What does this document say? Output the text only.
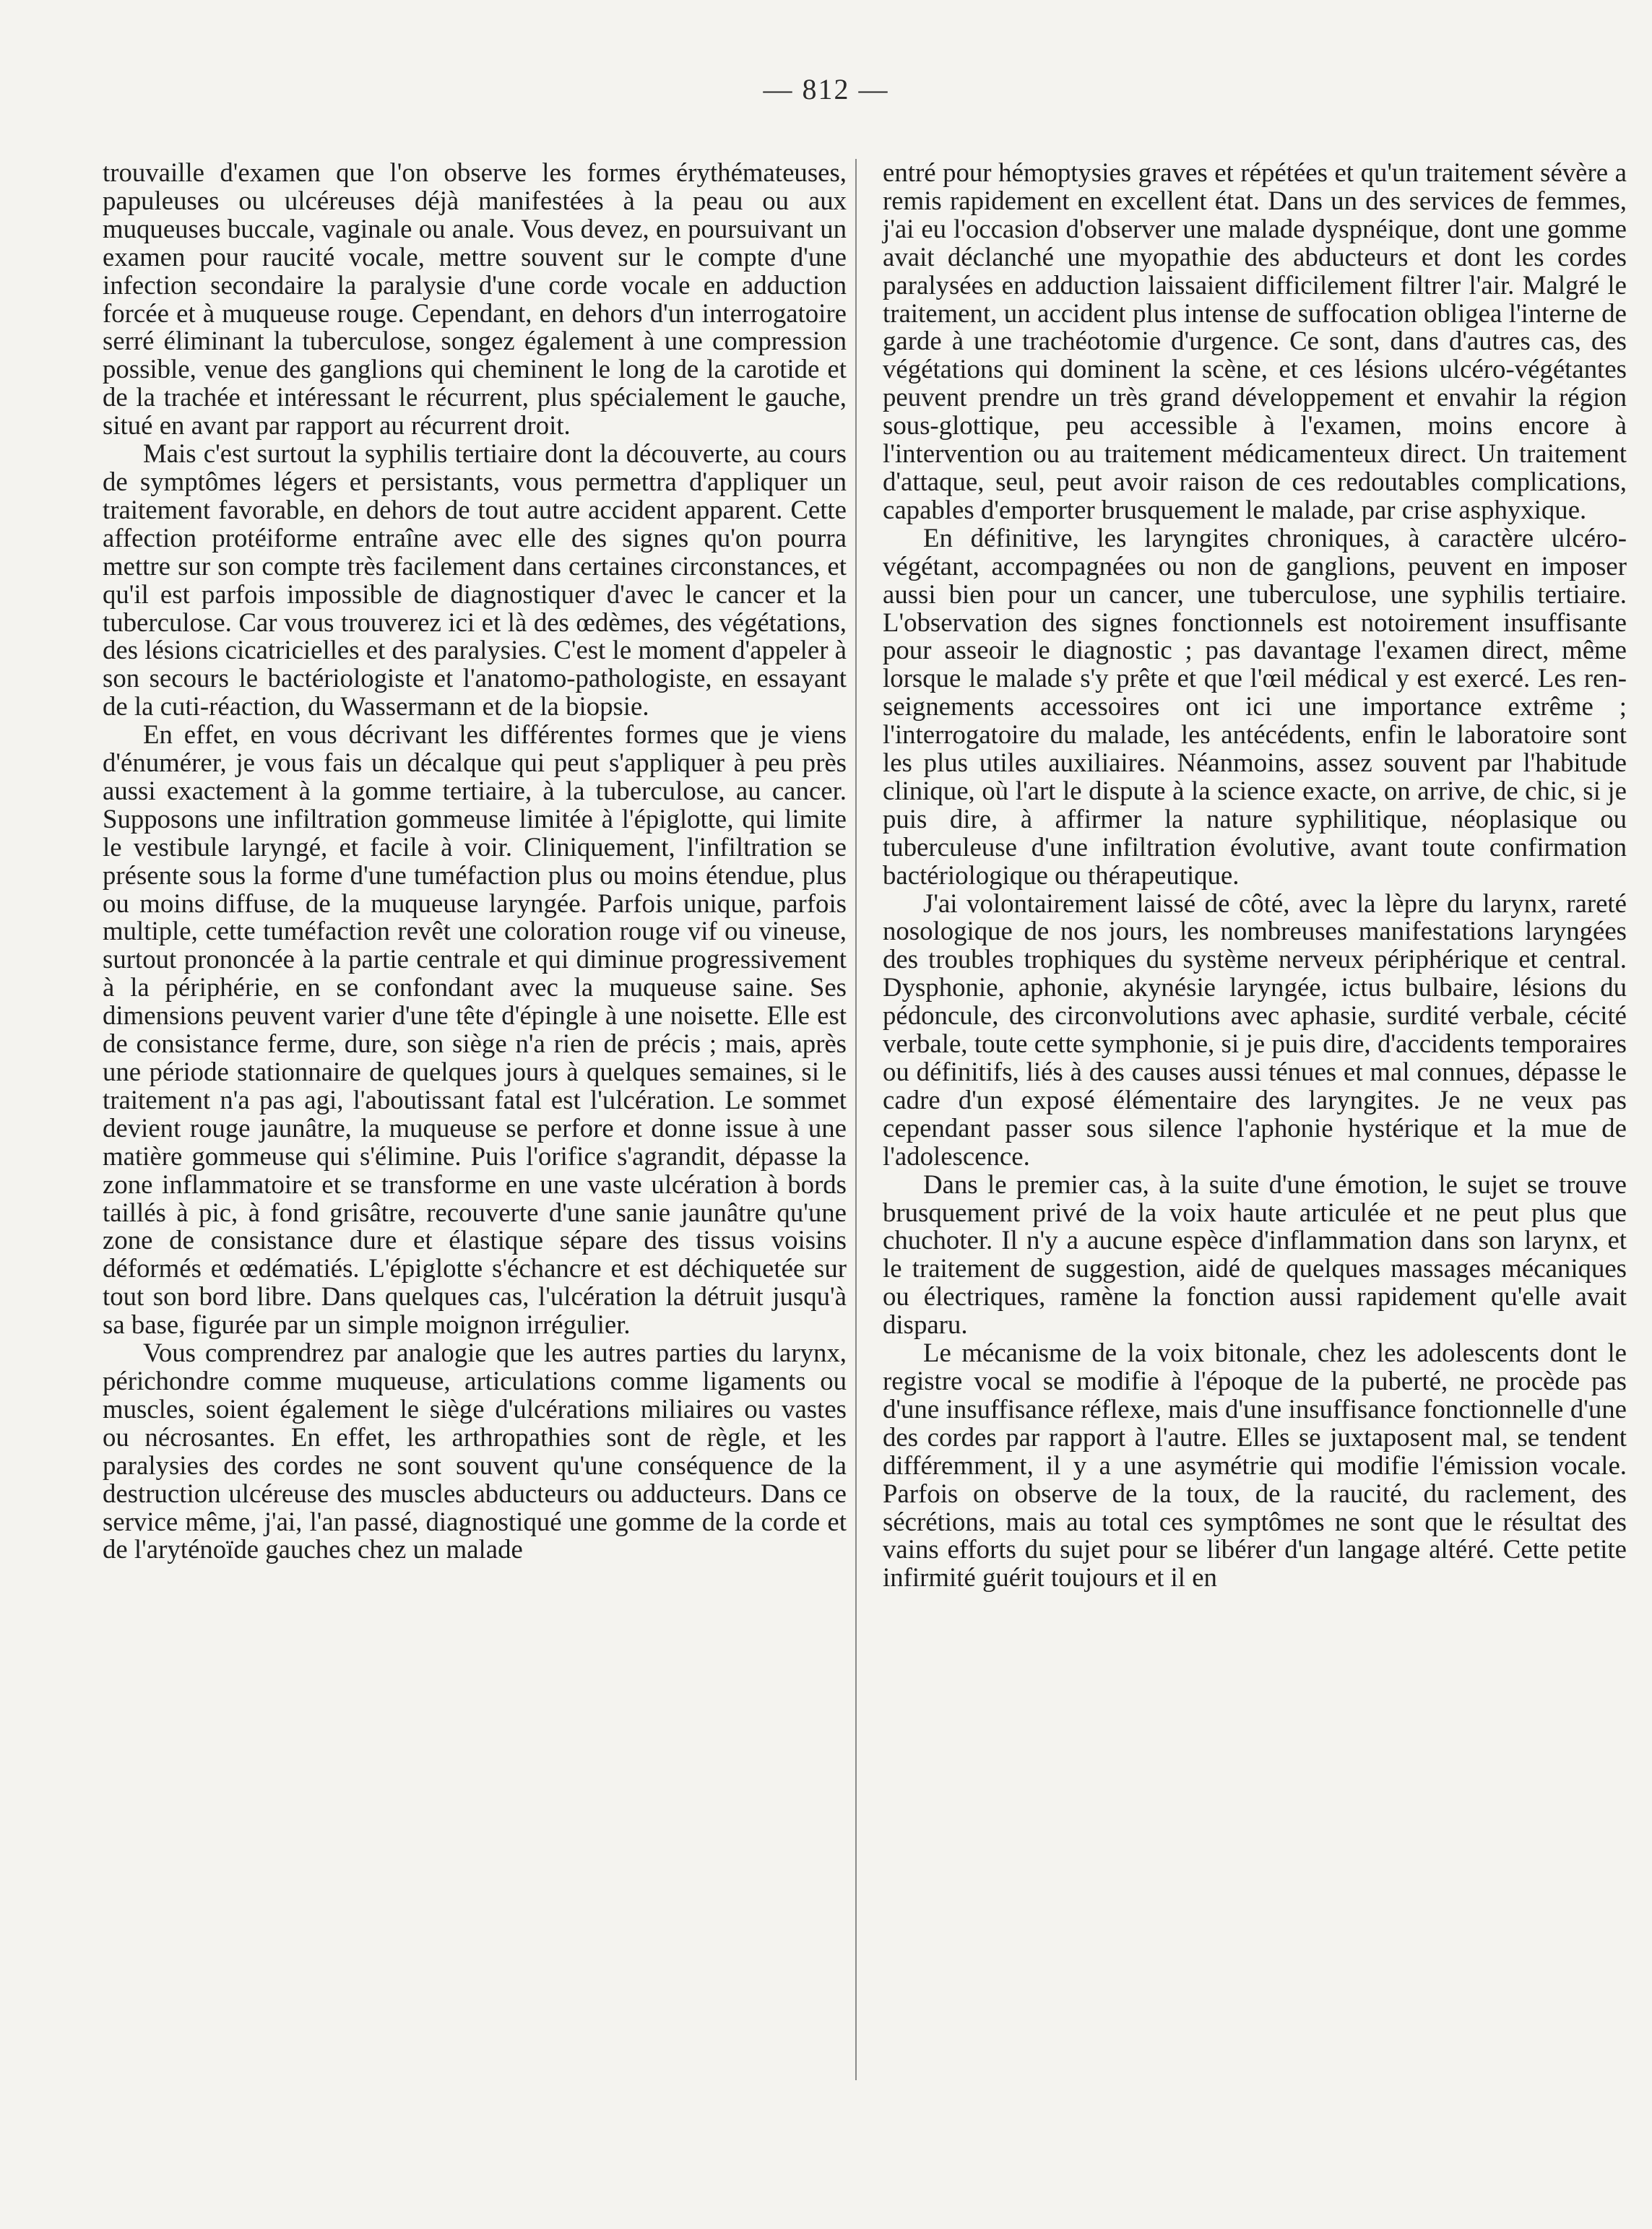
— 812 —

trouvaille d'examen que l'on observe les formes érythémateuses, papuleuses ou ulcéreuses déjà manifestées à la peau ou aux muqueuses buccale, vaginale ou anale. Vous devez, en poursuivant un examen pour raucité vocale, mettre souvent sur le compte d'une infection secondaire la paralysie d'une corde vocale en adduction forcée et à muqueuse rouge. Cependant, en dehors d'un interrogatoire serré éliminant la tuberculose, songez également à une compression possible, venue des ganglions qui cheminent le long de la carotide et de la trachée et intéressant le récurrent, plus spécialement le gauche, situé en avant par rapport au récurrent droit.

Mais c'est surtout la syphilis tertiaire dont la découverte, au cours de symptômes légers et persistants, vous permettra d'appliquer un traitement favorable, en dehors de tout autre accident apparent. Cette affection protéiforme entraîne avec elle des signes qu'on pourra mettre sur son compte très facilement dans certaines circonstances, et qu'il est parfois impossible de diagnostiquer d'avec le cancer et la tuberculose. Car vous trouverez ici et là des œdèmes, des végétations, des lésions cicatricielles et des paralysies. C'est le moment d'appeler à son secours le bactériologiste et l'anatomo-pathologiste, en essayant de la cuti-réaction, du Wassermann et de la biopsie.

En effet, en vous décrivant les différentes formes que je viens d'énumérer, je vous fais un décalque qui peut s'appliquer à peu près aussi exactement à la gomme tertiaire, à la tuberculose, au cancer. Supposons une infiltration gommeuse limitée à l'épiglotte, qui limite le vestibule laryngé, et facile à voir. Cliniquement, l'infiltration se présente sous la forme d'une tuméfaction plus ou moins étendue, plus ou moins diffuse, de la muqueuse laryngée. Parfois unique, parfois multiple, cette tuméfaction revêt une coloration rouge vif ou vineuse, surtout prononcée à la partie centrale et qui diminue progressivement à la périphérie, en se confondant avec la muqueuse saine. Ses dimensions peuvent varier d'une tête d'épingle à une noisette. Elle est de consistance ferme, dure, son siège n'a rien de précis ; mais, après une période stationnaire de quelques jours à quelques semaines, si le traitement n'a pas agi, l'aboutissant fatal est l'ulcération. Le sommet devient rouge jaunâtre, la muqueuse se perfore et donne issue à une matière gommeuse qui s'élimine. Puis l'orifice s'agrandit, dépasse la zone inflammatoire et se transforme en une vaste ulcération à bords taillés à pic, à fond grisâtre, recouverte d'une sanie jaunâtre qu'une zone de consistance dure et élastique sépare des tissus voisins déformés et œdématiés. L'épiglotte s'échancre et est déchiquetée sur tout son bord libre. Dans quelques cas, l'ulcération la détruit jusqu'à sa base, figurée par un simple moignon irrégulier.

Vous comprendrez par analogie que les autres parties du larynx, périchondre comme muqueuse, articulations comme ligaments ou muscles, soient également le siège d'ulcérations miliaires ou vastes ou nécrosantes. En effet, les arthropathies sont de règle, et les paralysies des cordes ne sont souvent qu'une conséquence de la destruction ulcéreuse des muscles abducteurs ou adducteurs. Dans ce service même, j'ai, l'an passé, diagnostiqué une gomme de la corde et de l'aryténoïde gauches chez un malade

entré pour hémoptysies graves et répétées et qu'un traitement sévère a remis rapidement en excellent état. Dans un des services de femmes, j'ai eu l'occasion d'observer une malade dyspnéique, dont une gomme avait déclanché une myopathie des abducteurs et dont les cordes paralysées en adduction laissaient difficilement filtrer l'air. Malgré le traitement, un accident plus intense de suffocation obligea l'interne de garde à une trachéotomie d'urgence. Ce sont, dans d'autres cas, des végétations qui dominent la scène, et ces lésions ulcéro-végétantes peuvent prendre un très grand développement et envahir la région sous-glottique, peu accessible à l'examen, moins encore à l'intervention ou au traitement médicamenteux direct. Un traitement d'attaque, seul, peut avoir raison de ces redoutables complications, capables d'emporter brusquement le malade, par crise asphyxique.

En définitive, les laryngites chroniques, à caractère ulcéro-végétant, accompagnées ou non de ganglions, peuvent en imposer aussi bien pour un cancer, une tuberculose, une syphilis tertiaire. L'observation des signes fonctionnels est notoirement insuffisante pour asseoir le diagnostic ; pas davantage l'examen direct, même lorsque le malade s'y prête et que l'œil médical y est exercé. Les renseignements accessoires ont ici une importance extrême ; l'interrogatoire du malade, les antécédents, enfin le laboratoire sont les plus utiles auxiliaires. Néanmoins, assez souvent par l'habitude clinique, où l'art le dispute à la science exacte, on arrive, de chic, si je puis dire, à affirmer la nature syphilitique, néoplasique ou tuberculeuse d'une infiltration évolutive, avant toute confirmation bactériologique ou thérapeutique.

J'ai volontairement laissé de côté, avec la lèpre du larynx, rareté nosologique de nos jours, les nombreuses manifestations laryngées des troubles trophiques du système nerveux périphérique et central. Dysphonie, aphonie, akynésie laryngée, ictus bulbaire, lésions du pédoncule, des circonvolutions avec aphasie, surdité verbale, cécité verbale, toute cette symphonie, si je puis dire, d'accidents temporaires ou définitifs, liés à des causes aussi ténues et mal connues, dépasse le cadre d'un exposé élémentaire des laryngites. Je ne veux pas cependant passer sous silence l'aphonie hystérique et la mue de l'adolescence.

Dans le premier cas, à la suite d'une émotion, le sujet se trouve brusquement privé de la voix haute articulée et ne peut plus que chuchoter. Il n'y a aucune espèce d'inflammation dans son larynx, et le traitement de suggestion, aidé de quelques massages mécaniques ou électriques, ramène la fonction aussi rapidement qu'elle avait disparu.

Le mécanisme de la voix bitonale, chez les adolescents dont le registre vocal se modifie à l'époque de la puberté, ne procède pas d'une insuffisance réflexe, mais d'une insuffisance fonctionnelle d'une des cordes par rapport à l'autre. Elles se juxtaposent mal, se tendent différemment, il y a une asymétrie qui modifie l'émission vocale. Parfois on observe de la toux, de la raucité, du raclement, des sécrétions, mais au total ces symptômes ne sont que le résultat des vains efforts du sujet pour se libérer d'un langage altéré. Cette petite infirmité guérit toujours et il en
